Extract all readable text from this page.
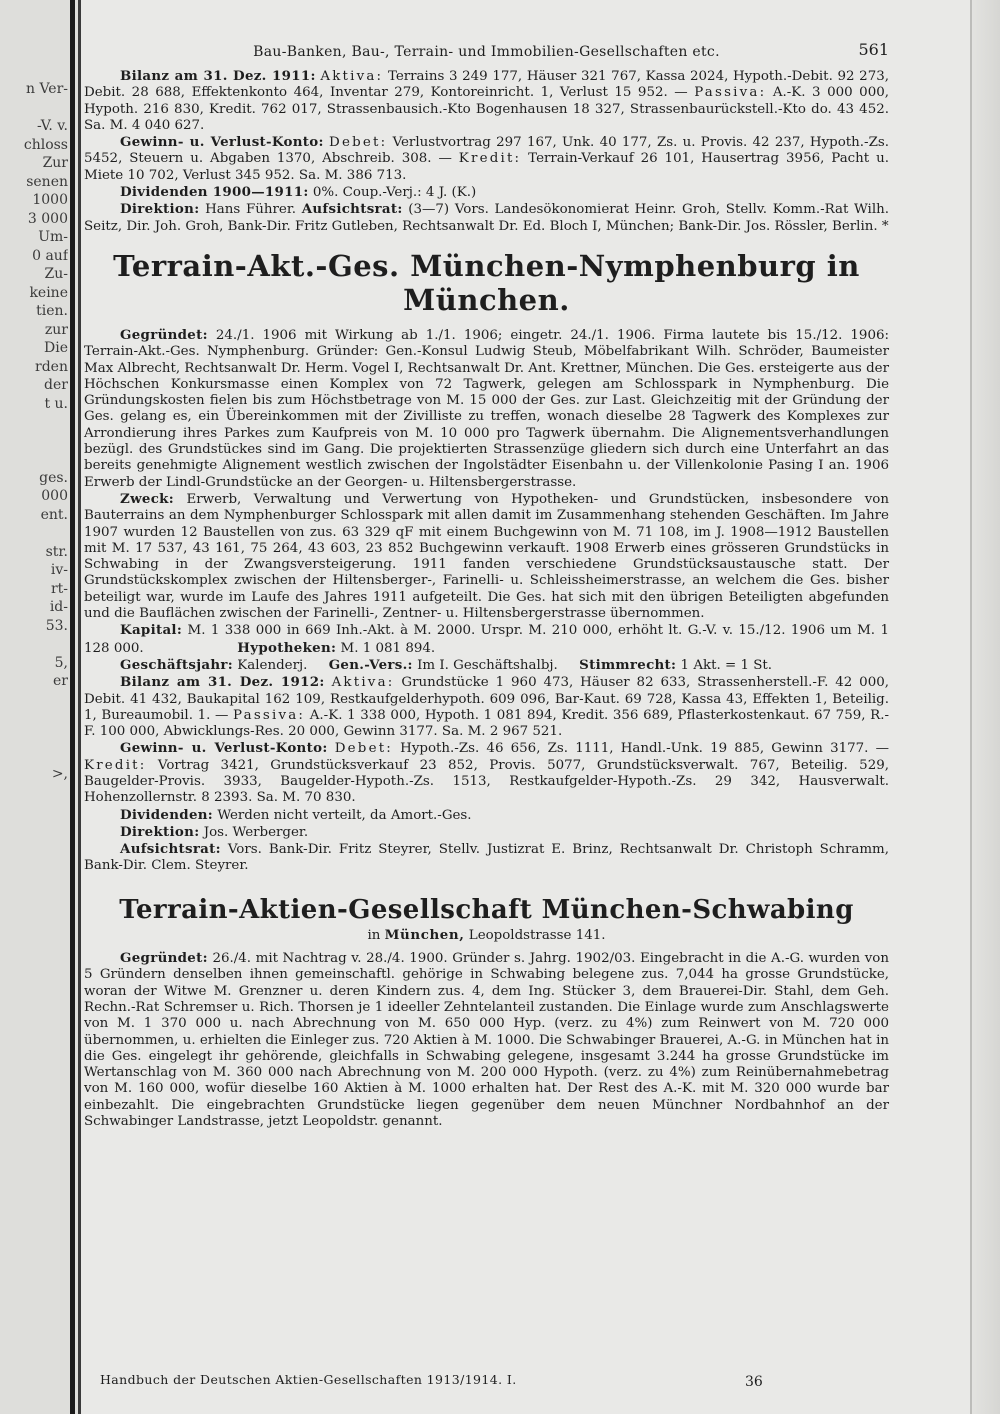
n Ver-
-V. v.
chloss
Zur
senen
1000
3 000
Um-
0 auf
Zu-
keine
tien.
zur
Die
rden
der
t u.
ges.
000
ent.
str.
iv-
rt-
id-
53.
5,
er
>,
Bau-Banken, Bau-, Terrain- und Immobilien-Gesellschaften etc.	561

Bilanz am 31. Dez. 1911: Aktiva: Terrains 3 249 177, Häuser 321 767, Kassa 2024, Hypoth.-Debit. 92 273, Debit. 28 688, Effektenkonto 464, Inventar 279, Kontoreinricht. 1, Verlust 15 952. — Passiva: A.-K. 3 000 000, Hypoth. 216 830, Kredit. 762 017, Strassenbausich.-Kto Bogenhausen 18 327, Strassenbaurückstell.-Kto do. 43 452. Sa. M. 4 040 627.

Gewinn- u. Verlust-Konto: Debet: Verlustvortrag 297 167, Unk. 40 177, Zs. u. Provis. 42 237, Hypoth.-Zs. 5452, Steuern u. Abgaben 1370, Abschreib. 308. — Kredit: Terrain-Verkauf 26 101, Hausertrag 3956, Pacht u. Miete 10 702, Verlust 345 952. Sa. M. 386 713.

Dividenden 1900—1911: 0%. Coup.-Verj.: 4 J. (K.)

Direktion: Hans Führer. Aufsichtsrat: (3—7) Vors. Landesökonomierat Heinr. Groh, Stellv. Komm.-Rat Wilh. Seitz, Dir. Joh. Groh, Bank-Dir. Fritz Gutleben, Rechtsanwalt Dr. Ed. Bloch I, München; Bank-Dir. Jos. Rössler, Berlin. *

Terrain-Akt.-Ges. München-Nymphenburg in München.

Gegründet: 24./1. 1906 mit Wirkung ab 1./1. 1906; eingetr. 24./1. 1906. Firma lautete bis 15./12. 1906: Terrain-Akt.-Ges. Nymphenburg. Gründer: Gen.-Konsul Ludwig Steub, Möbelfabrikant Wilh. Schröder, Baumeister Max Albrecht, Rechtsanwalt Dr. Herm. Vogel I, Rechtsanwalt Dr. Ant. Krettner, München. Die Ges. ersteigerte aus der Höchschen Konkursmasse einen Komplex von 72 Tagwerk, gelegen am Schlosspark in Nymphenburg. Die Gründungskosten fielen bis zum Höchstbetrage von M. 15 000 der Ges. zur Last. Gleichzeitig mit der Gründung der Ges. gelang es, ein Übereinkommen mit der Zivilliste zu treffen, wonach dieselbe 28 Tagwerk des Komplexes zur Arrondierung ihres Parkes zum Kaufpreis von M. 10 000 pro Tagwerk übernahm. Die Alignementsverhandlungen bezügl. des Grundstückes sind im Gang. Die projektierten Strassenzüge gliedern sich durch eine Unterfahrt an das bereits genehmigte Alignement westlich zwischen der Ingolstädter Eisenbahn u. der Villenkolonie Pasing I an. 1906 Erwerb der Lindl-Grundstücke an der Georgen- u. Hiltensbergerstrasse.

Zweck: Erwerb, Verwaltung und Verwertung von Hypotheken- und Grundstücken, insbesondere von Bauterrains an dem Nymphenburger Schlosspark mit allen damit im Zusammenhang stehenden Geschäften. Im Jahre 1907 wurden 12 Baustellen von zus. 63 329 qF mit einem Buchgewinn von M. 71 108, im J. 1908—1912 Baustellen mit M. 17 537, 43 161, 75 264, 43 603, 23 852 Buchgewinn verkauft. 1908 Erwerb eines grösseren Grundstücks in Schwabing in der Zwangsversteigerung. 1911 fanden verschiedene Grundstücksaustausche statt. Der Grundstückskomplex zwischen der Hiltensberger-, Farinelli- u. Schleissheimerstrasse, an welchem die Ges. bisher beteiligt war, wurde im Laufe des Jahres 1911 aufgeteilt. Die Ges. hat sich mit den übrigen Beteiligten abgefunden und die Bauflächen zwischen der Farinelli-, Zentner- u. Hiltensbergerstrasse übernommen.

Kapital: M. 1 338 000 in 669 Inh.-Akt. à M. 2000. Urspr. M. 210 000, erhöht lt. G.-V. v. 15./12. 1906 um M. 1 128 000.	Hypotheken: M. 1 081 894.

Geschäftsjahr: Kalenderj. Gen.-Vers.: Im I. Geschäftshalbj. Stimmrecht: 1 Akt. = 1 St.

Bilanz am 31. Dez. 1912: Aktiva: Grundstücke 1 960 473, Häuser 82 633, Strassenherstell.-F. 42 000, Debit. 41 432, Baukapital 162 109, Restkaufgelderhypoth. 609 096, Bar-Kaut. 69 728, Kassa 43, Effekten 1, Beteilig. 1, Bureaumobil. 1. — Passiva: A.-K. 1 338 000, Hypoth. 1 081 894, Kredit. 356 689, Pflasterkostenkaut. 67 759, R.-F. 100 000, Abwicklungs-Res. 20 000, Gewinn 3177. Sa. M. 2 967 521.

Gewinn- u. Verlust-Konto: Debet: Hypoth.-Zs. 46 656, Zs. 1111, Handl.-Unk. 19 885, Gewinn 3177. — Kredit: Vortrag 3421, Grundstücksverkauf 23 852, Provis. 5077, Grundstücksverwalt. 767, Beteilig. 529, Baugelder-Provis. 3933, Baugelder-Hypoth.-Zs. 1513, Restkaufgelder-Hypoth.-Zs. 29 342, Hausverwalt. Hohenzollernstr. 8 2393. Sa. M. 70 830.

Dividenden: Werden nicht verteilt, da Amort.-Ges.

Direktion: Jos. Werberger.

Aufsichtsrat: Vors. Bank-Dir. Fritz Steyrer, Stellv. Justizrat E. Brinz, Rechtsanwalt Dr. Christoph Schramm, Bank-Dir. Clem. Steyrer.

Terrain-Aktien-Gesellschaft München-Schwabing
in München, Leopoldstrasse 141.

Gegründet: 26./4. mit Nachtrag v. 28./4. 1900. Gründer s. Jahrg. 1902/03. Eingebracht in die A.-G. wurden von 5 Gründern denselben ihnen gemeinschaftl. gehörige in Schwabing belegene zus. 7,044 ha grosse Grundstücke, woran der Witwe M. Grenzner u. deren Kindern zus. 4, dem Ing. Stücker 3, dem Brauerei-Dir. Stahl, dem Geh. Rechn.-Rat Schremser u. Rich. Thorsen je 1 ideeller Zehntelanteil zustanden. Die Einlage wurde zum Anschlagswerte von M. 1 370 000 u. nach Abrechnung von M. 650 000 Hyp. (verz. zu 4%) zum Reinwert von M. 720 000 übernommen, u. erhielten die Einleger zus. 720 Aktien à M. 1000. Die Schwabinger Brauerei, A.-G. in München hat in die Ges. eingelegt ihr gehörende, gleichfalls in Schwabing gelegene, insgesamt 3.244 ha grosse Grundstücke im Wertanschlag von M. 360 000 nach Abrechnung von M. 200 000 Hypoth. (verz. zu 4%) zum Reinübernahmebetrag von M. 160 000, wofür dieselbe 160 Aktien à M. 1000 erhalten hat. Der Rest des A.-K. mit M. 320 000 wurde bar einbezahlt. Die eingebrachten Grundstücke liegen gegenüber dem neuen Münchner Nordbahnhof an der Schwabinger Landstrasse, jetzt Leopoldstr. genannt.

Handbuch der Deutschen Aktien-Gesellschaften 1913/1914. I.	36
